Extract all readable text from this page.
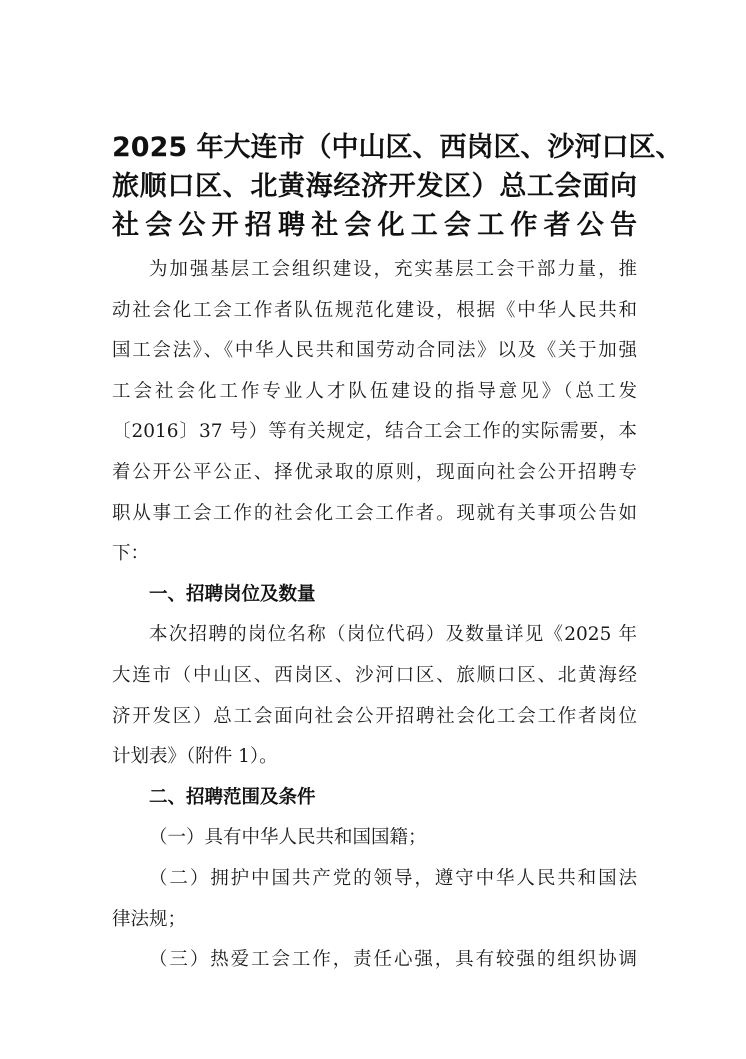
2025 年大连市（中山区、西岗区、沙河口区、
旅顺口区、北黄海经济开发区）总工会面向
社会公开招聘社会化工会工作者公告

为加强基层工会组织建设，充实基层工会干部力量，推
动社会化工会工作者队伍规范化建设，根据《中华人民共和
国工会法》、《中华人民共和国劳动合同法》以及《关于加强
工会社会化工作专业人才队伍建设的指导意见》（总工发
〔2016〕37 号）等有关规定，结合工会工作的实际需要，本
着公开公平公正、择优录取的原则，现面向社会公开招聘专
职从事工会工作的社会化工会工作者。现就有关事项公告如
下：

一、招聘岗位及数量

本次招聘的岗位名称（岗位代码）及数量详见《2025 年
大连市（中山区、西岗区、沙河口区、旅顺口区、北黄海经
济开发区）总工会面向社会公开招聘社会化工会工作者岗位
计划表》（附件 1）。

二、招聘范围及条件

（一）具有中华人民共和国国籍；

（二）拥护中国共产党的领导，遵守中华人民共和国法
律法规；

（三）热爱工会工作，责任心强，具有较强的组织协调
